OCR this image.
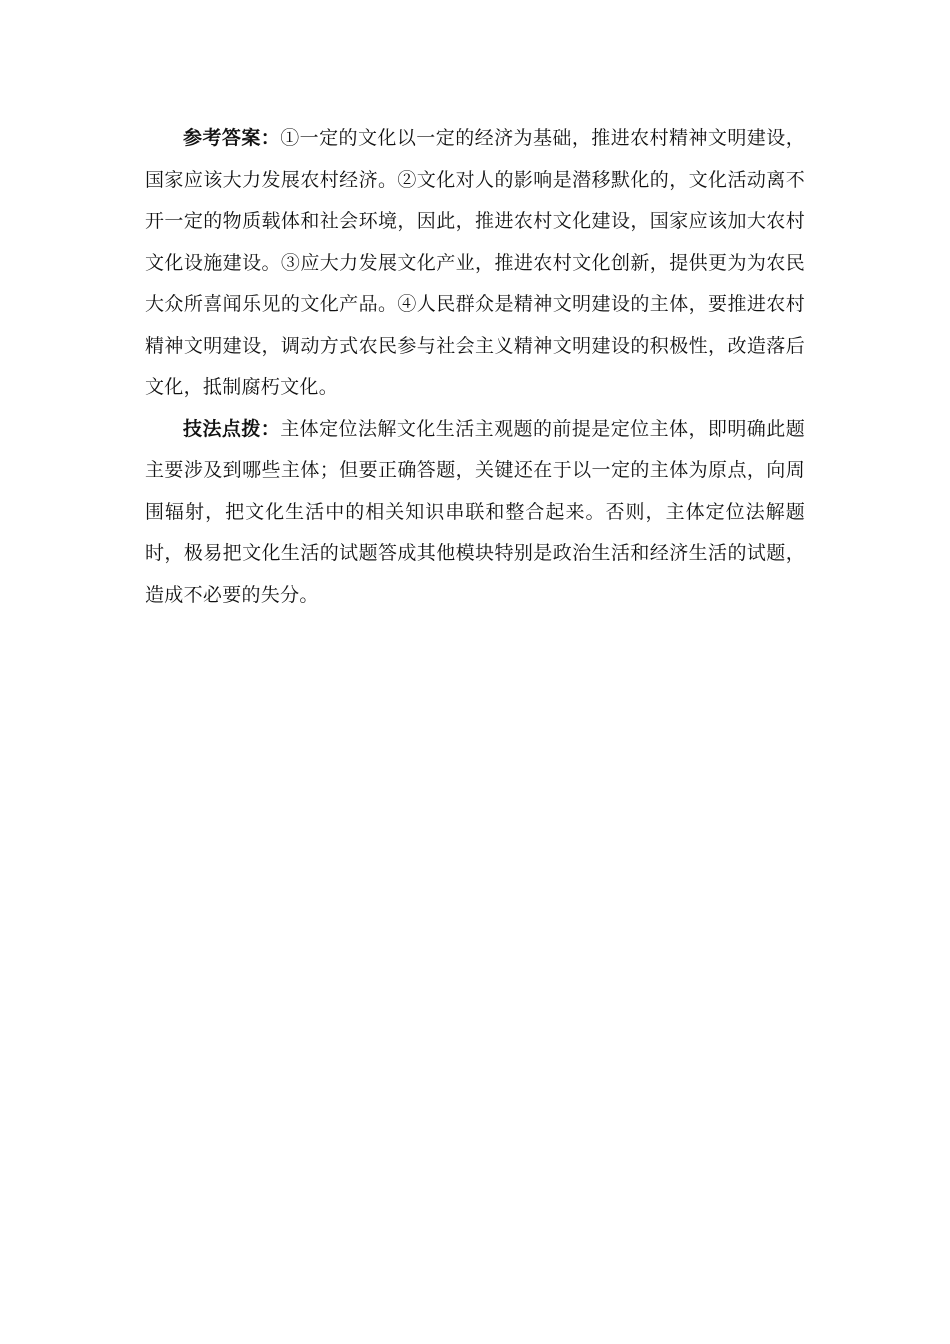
参考答案：①一定的文化以一定的经济为基础，推进农村精神文明建设，国家应该大力发展农村经济。②文化对人的影响是潜移默化的，文化活动离不开一定的物质载体和社会环境，因此，推进农村文化建设，国家应该加大农村文化设施建设。③应大力发展文化产业，推进农村文化创新，提供更为为农民大众所喜闻乐见的文化产品。④人民群众是精神文明建设的主体，要推进农村精神文明建设，调动方式农民参与社会主义精神文明建设的积极性，改造落后文化，抵制腐朽文化。

技法点拨：主体定位法解文化生活主观题的前提是定位主体，即明确此题主要涉及到哪些主体；但要正确答题，关键还在于以一定的主体为原点，向周围辐射，把文化生活中的相关知识串联和整合起来。否则，主体定位法解题时，极易把文化生活的试题答成其他模块特别是政治生活和经济生活的试题，造成不必要的失分。
